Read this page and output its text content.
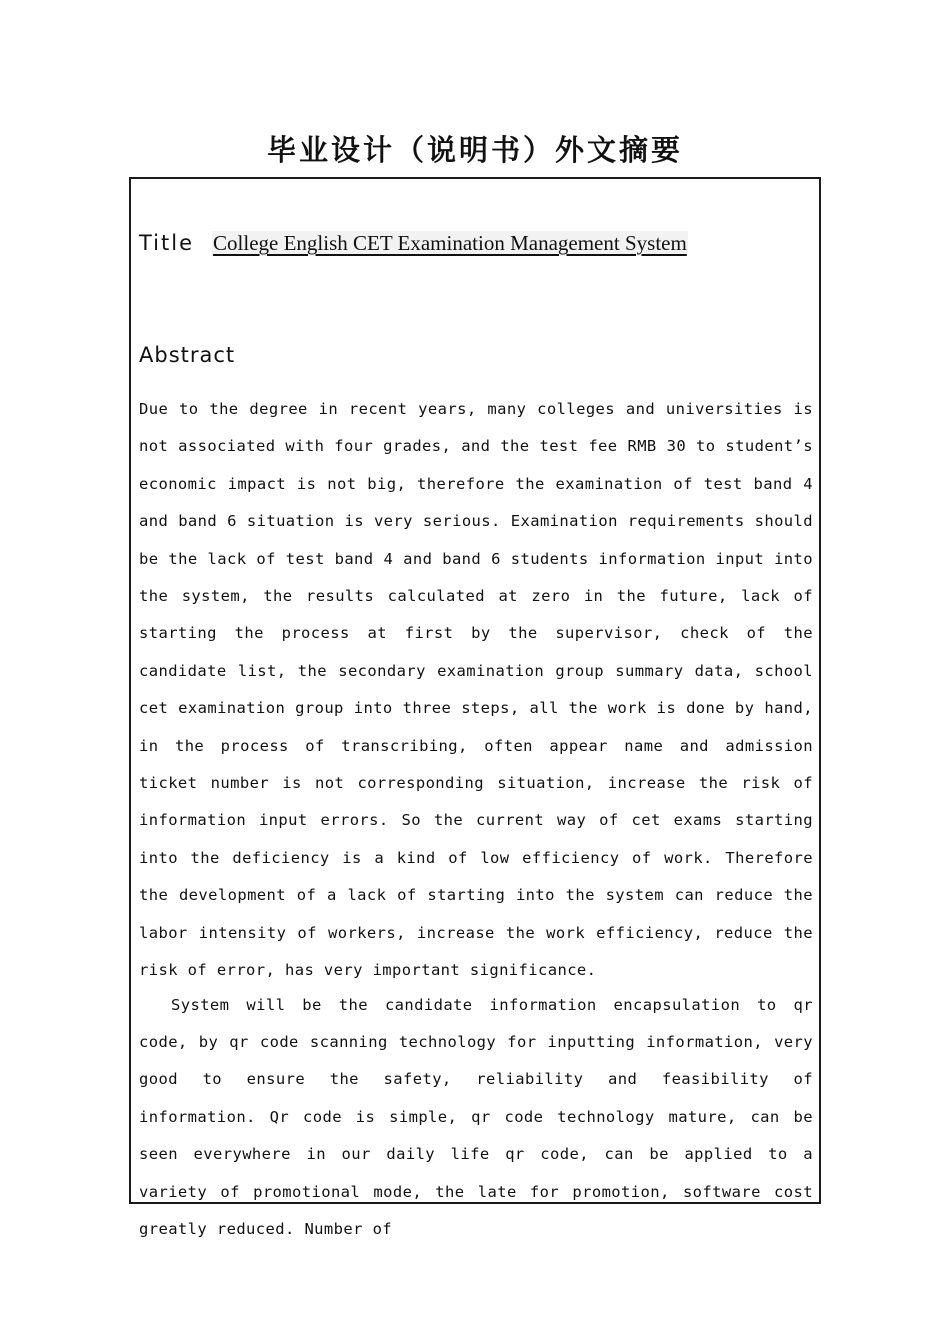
毕业设计（说明书）外文摘要
Title College English CET Examination Management System
Abstract

Due to the degree in recent years, many colleges and universities is not associated with four grades, and the test fee RMB 30 to student’s economic impact is not big, therefore the examination of test band 4 and band 6 situation is very serious. Examination requirements should be the lack of test band 4 and band 6 students information input into the system, the results calculated at zero in the future, lack of starting the process at first by the supervisor, check of the candidate list, the secondary examination group summary data, school cet examination group into three steps, all the work is done by hand, in the process of transcribing, often appear name and admission ticket number is not corresponding situation, increase the risk of information input errors. So the current way of cet exams starting into the deficiency is a kind of low efficiency of work. Therefore the development of a lack of starting into the system can reduce the labor intensity of workers, increase the work efficiency, reduce the risk of error, has very important significance.

System will be the candidate information encapsulation to qr code, by qr code scanning technology for inputting information, very good to ensure the safety, reliability and feasibility of information. Qr code is simple, qr code technology mature, can be seen everywhere in our daily life qr code, can be applied to a variety of promotional mode, the late for promotion, software cost greatly reduced. Number of
